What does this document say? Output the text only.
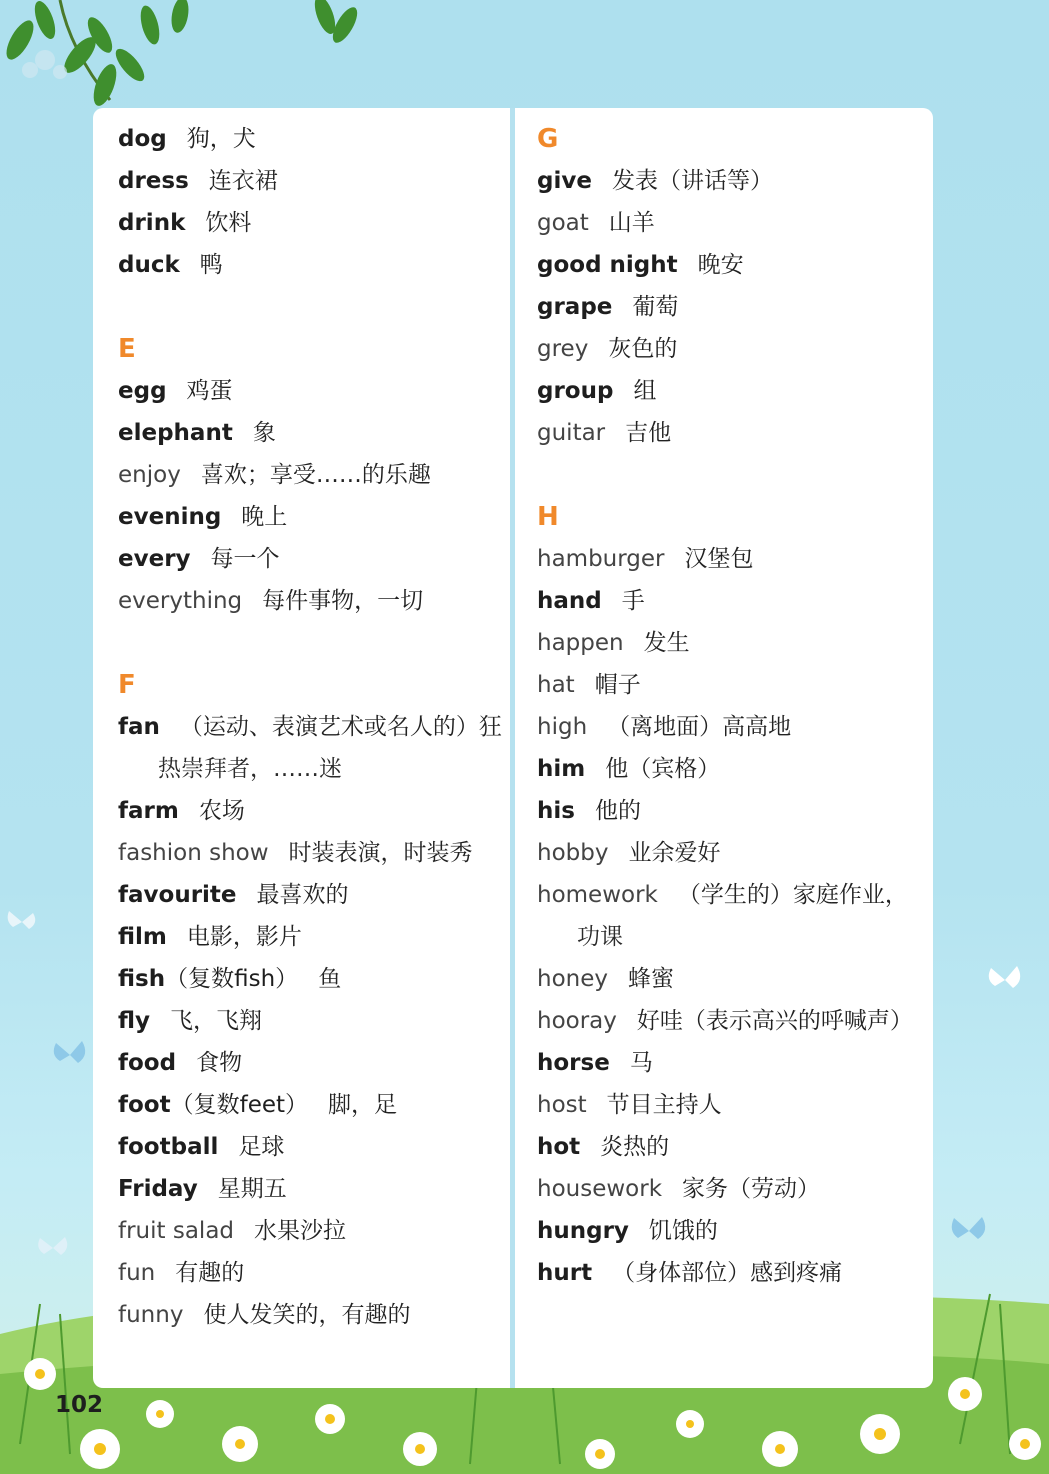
dog 狗，犬
dress 连衣裙
drink 饮料
duck 鸭
E
egg 鸡蛋
elephant 象
enjoy 喜欢；享受……的乐趣
evening 晚上
every 每一个
everything 每件事物，一切
F
fan （运动、表演艺术或名人的）狂
热崇拜者，……迷
farm 农场
fashion show 时装表演，时装秀
favourite 最喜欢的
film 电影，影片
fish（复数fish） 鱼
fly 飞，飞翔
food 食物
foot（复数feet） 脚，足
football 足球
Friday 星期五
fruit salad 水果沙拉
fun 有趣的
funny 使人发笑的，有趣的
G
give 发表（讲话等）
goat 山羊
good night 晚安
grape 葡萄
grey 灰色的
group 组
guitar 吉他
H
hamburger 汉堡包
hand 手
happen 发生
hat 帽子
high （离地面）高高地
him 他（宾格）
his 他的
hobby 业余爱好
homework （学生的）家庭作业，
功课
honey 蜂蜜
hooray 好哇（表示高兴的呼喊声）
horse 马
host 节目主持人
hot 炎热的
housework 家务（劳动）
hungry 饥饿的
hurt （身体部位）感到疼痛
102
